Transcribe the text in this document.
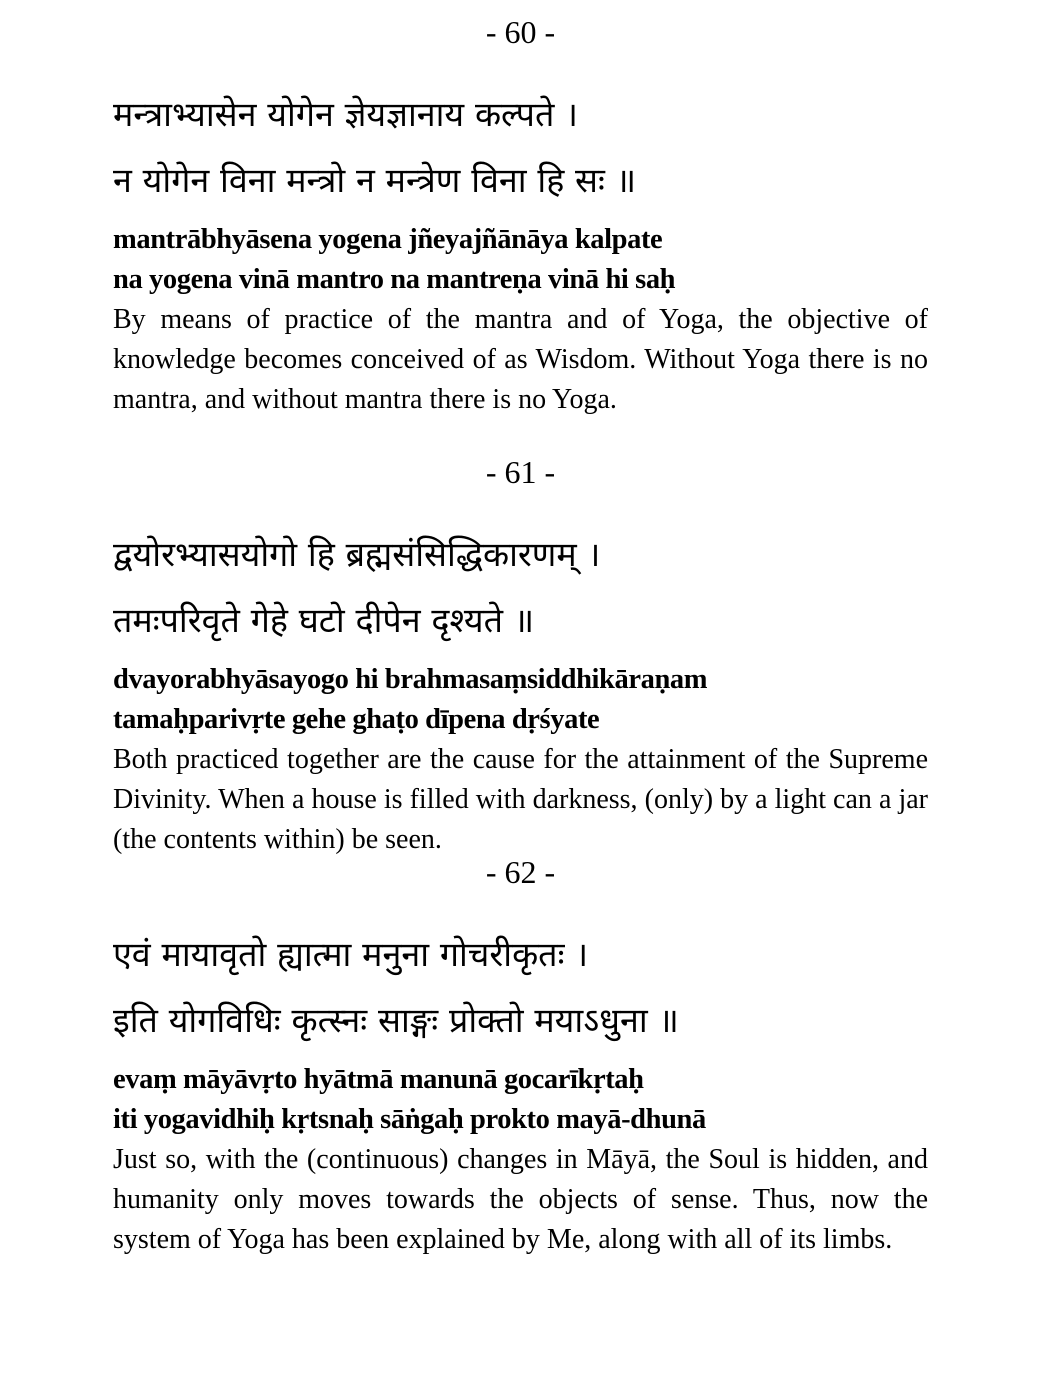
- 60 -
मन्त्राभ्यासेन योगेन ज्ञेयज्ञानाय कल्पते ।
न योगेन विना मन्त्रो न मन्त्रेण विना हि सः ॥
mantrābhyāsena yogena jñeyajñānāya kalpate
na yogena vinā mantro na mantreṇa vinā hi saḥ

By means of practice of the mantra and of Yoga, the objective of knowledge becomes conceived of as Wisdom. Without Yoga there is no mantra, and without mantra there is no Yoga.

- 61 -
द्वयोरभ्यासयोगो हि ब्रह्मसंसिद्धिकारणम् ।
तमःपरिवृते गेहे घटो दीपेन दृश्यते ॥
dvayorabhyāsayogo hi brahmasaṃsiddhikāraṇam
tamaḥparivṛte gehe ghaṭo dīpena dṛśyate

Both practiced together are the cause for the attainment of the Supreme Divinity. When a house is filled with darkness, (only) by a light can a jar (the contents within) be seen.

- 62 -
एवं मायावृतो ह्यात्मा मनुना गोचरीकृतः ।
इति योगविधिः कृत्स्नः साङ्गः प्रोक्तो मयाऽधुना ॥
evaṃ māyāvṛto hyātmā manunā gocarīkṛtaḥ
iti yogavidhiḥ kṛtsnaḥ sāṅgaḥ prokto mayā-dhunā

Just so, with the (continuous) changes in Māyā, the Soul is hidden, and humanity only moves towards the objects of sense. Thus, now the system of Yoga has been explained by Me, along with all of its limbs.
